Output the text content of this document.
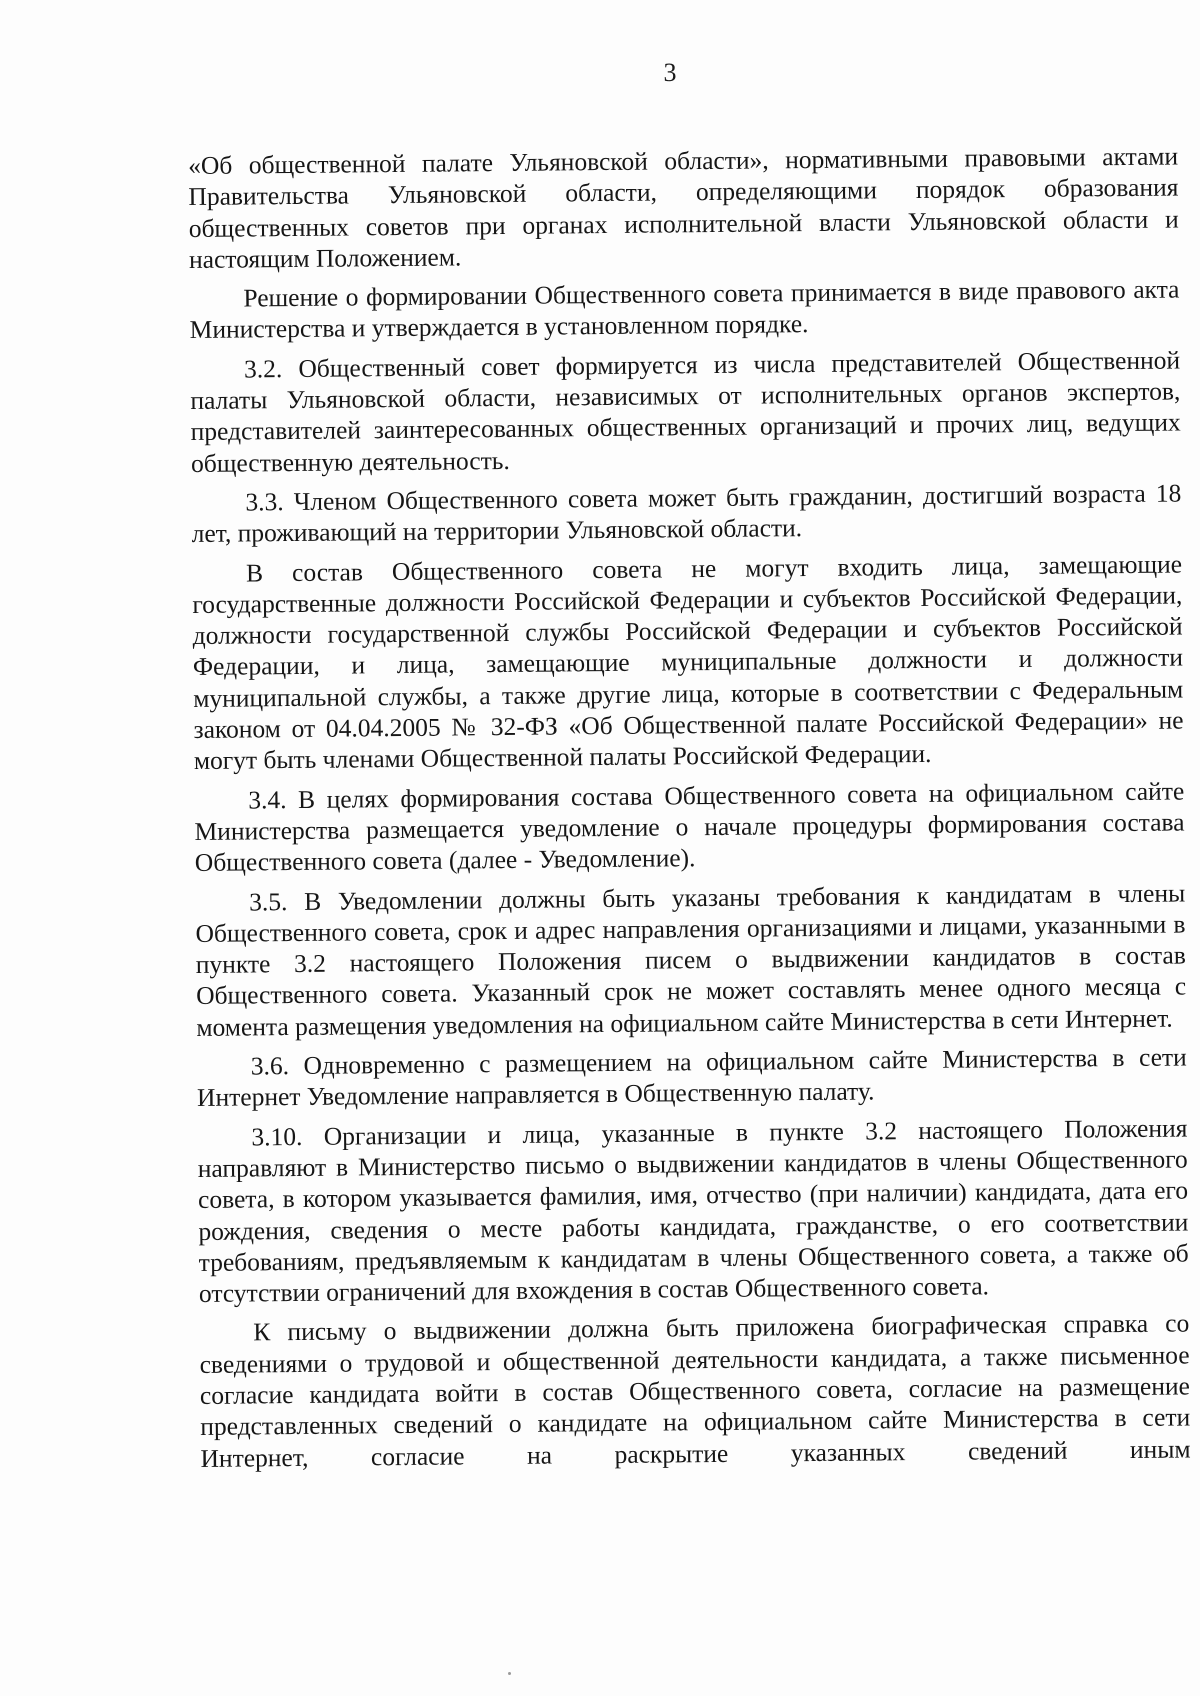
3

«Об общественной палате Ульяновской области», нормативными правовыми актами Правительства Ульяновской области, определяющими порядок образования общественных советов при органах исполнительной власти Ульяновской области и настоящим Положением.

Решение о формировании Общественного совета принимается в виде правового акта Министерства и утверждается в установленном порядке.

3.2. Общественный совет формируется из числа представителей Общественной палаты Ульяновской области, независимых от исполнительных органов экспертов, представителей заинтересованных общественных организаций и прочих лиц, ведущих общественную деятельность.

3.3. Членом Общественного совета может быть гражданин, достигший возраста 18 лет, проживающий на территории Ульяновской области.

В состав Общественного совета не могут входить лица, замещающие государственные должности Российской Федерации и субъектов Российской Федерации, должности государственной службы Российской Федерации и субъектов Российской Федерации, и лица, замещающие муниципальные должности и должности муниципальной службы, а также другие лица, которые в соответствии с Федеральным законом от 04.04.2005 № 32-ФЗ «Об Общественной палате Российской Федерации» не могут быть членами Общественной палаты Российской Федерации.

3.4. В целях формирования состава Общественного совета на официальном сайте Министерства размещается уведомление о начале процедуры формирования состава Общественного совета (далее - Уведомление).

3.5. В Уведомлении должны быть указаны требования к кандидатам в члены Общественного совета, срок и адрес направления организациями и лицами, указанными в пункте 3.2 настоящего Положения писем о выдвижении кандидатов в состав Общественного совета. Указанный срок не может составлять менее одного месяца с момента размещения уведомления на официальном сайте Министерства в сети Интернет.

3.6. Одновременно с размещением на официальном сайте Министерства в сети Интернет Уведомление направляется в Общественную палату.

3.10. Организации и лица, указанные в пункте 3.2 настоящего Положения направляют в Министерство письмо о выдвижении кандидатов в члены Общественного совета, в котором указывается фамилия, имя, отчество (при наличии) кандидата, дата его рождения, сведения о месте работы кандидата, гражданстве, о его соответствии требованиям, предъявляемым к кандидатам в члены Общественного совета, а также об отсутствии ограничений для вхождения в состав Общественного совета.

К письму о выдвижении должна быть приложена биографическая справка со сведениями о трудовой и общественной деятельности кандидата, а также письменное согласие кандидата войти в состав Общественного совета, согласие на размещение представленных сведений о кандидате на официальном сайте Министерства в сети Интернет, согласие на раскрытие указанных сведений иным
